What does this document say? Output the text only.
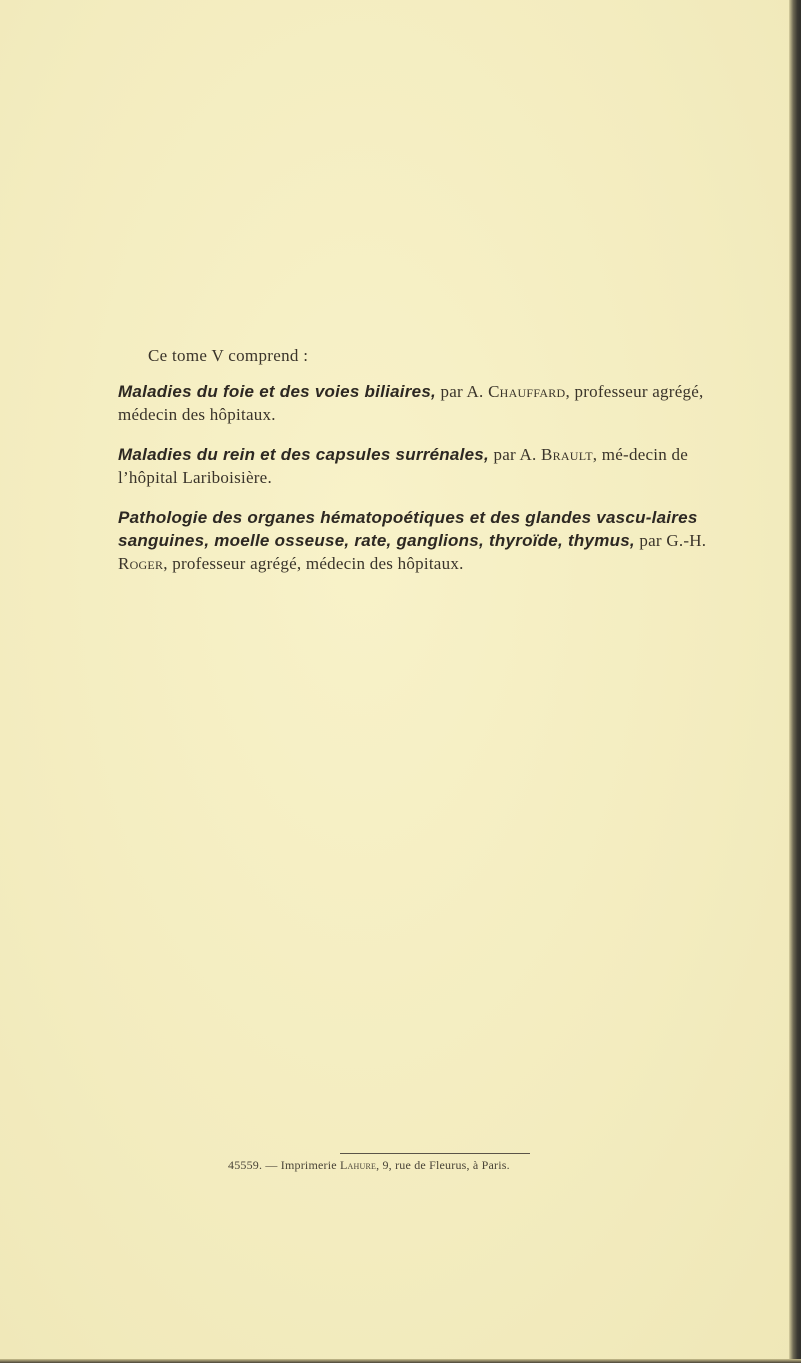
Ce tome V comprend :
Maladies du foie et des voies biliaires, par A. Chauffard, professeur agrégé, médecin des hôpitaux.
Maladies du rein et des capsules surrénales, par A. Brault, mé-decin de l’hôpital Lariboisière.
Pathologie des organes hématopoétiques et des glandes vascu-laires sanguines, moelle osseuse, rate, ganglions, thyroïde, thymus, par G.-H. Roger, professeur agrégé, médecin des hôpitaux.
45559. — Imprimerie Lahure, 9, rue de Fleurus, à Paris.
